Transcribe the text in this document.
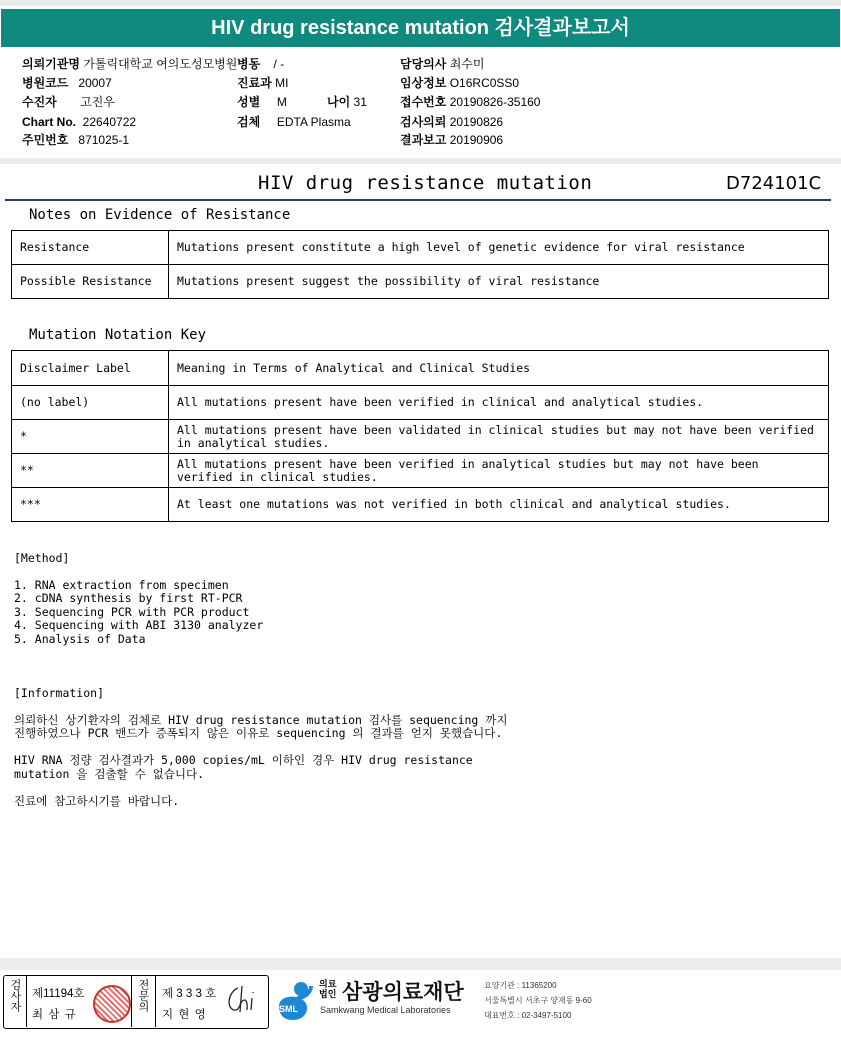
HIV drug resistance mutation 검사결과보고서
의뢰기관명 가톨릭대학교 여의도성모병원 병동 / -	담당의사 최수미
병원코드 20007	진료과 MI	임상정보 O16RC0SS0
수진자 고진우	성별 M	나이 31	접수번호 20190826-35160
Chart No. 22640722	검체 EDTA Plasma	검사의뢰 20190826
주민번호 871025-1	결과보고 20190906
HIV drug resistance mutation	D724101C
Notes on Evidence of Resistance
Resistance	Mutations present constitute a high level of genetic evidence for viral resistance
Possible Resistance	Mutations present suggest the possibility of viral resistance
Mutation Notation Key
Disclaimer Label	Meaning in Terms of Analytical and Clinical Studies
(no label)	All mutations present have been verified in clinical and analytical studies.
*	All mutations present have been validated in clinical studies but may not have been verified in analytical studies.
**	All mutations present have been verified in analytical studies but may not have been verified in clinical studies.
***	At least one mutations was not verified in both clinical and analytical studies.
[Method]
1. RNA extraction from specimen
2. cDNA synthesis by first RT-PCR
3. Sequencing PCR with PCR product
4. Sequencing with ABI 3130 analyzer
5. Analysis of Data
[Information]
의뢰하신 상기환자의 검체로 HIV drug resistance mutation 검사를 sequencing 까지
진행하였으나 PCR 밴드가 증폭되지 않은 이유로 sequencing 의 결과를 얻지 못했습니다.
HIV RNA 정량 검사결과가 5,000 copies/mL 이하인 경우 HIV drug resistance
mutation 을 검출할 수 없습니다.
진료에 참고하시기를 바랍니다.
검사자 제11194호
최 삼 규
전문의 제 3 3 3 호
지 현 영	SML
의료법인 삼광의료재단
Samkwang Medical Laboratories
요양기관 : 11365200
서울특별시 서초구 양재동 9-60
대표번호 : 02-3497-5100
